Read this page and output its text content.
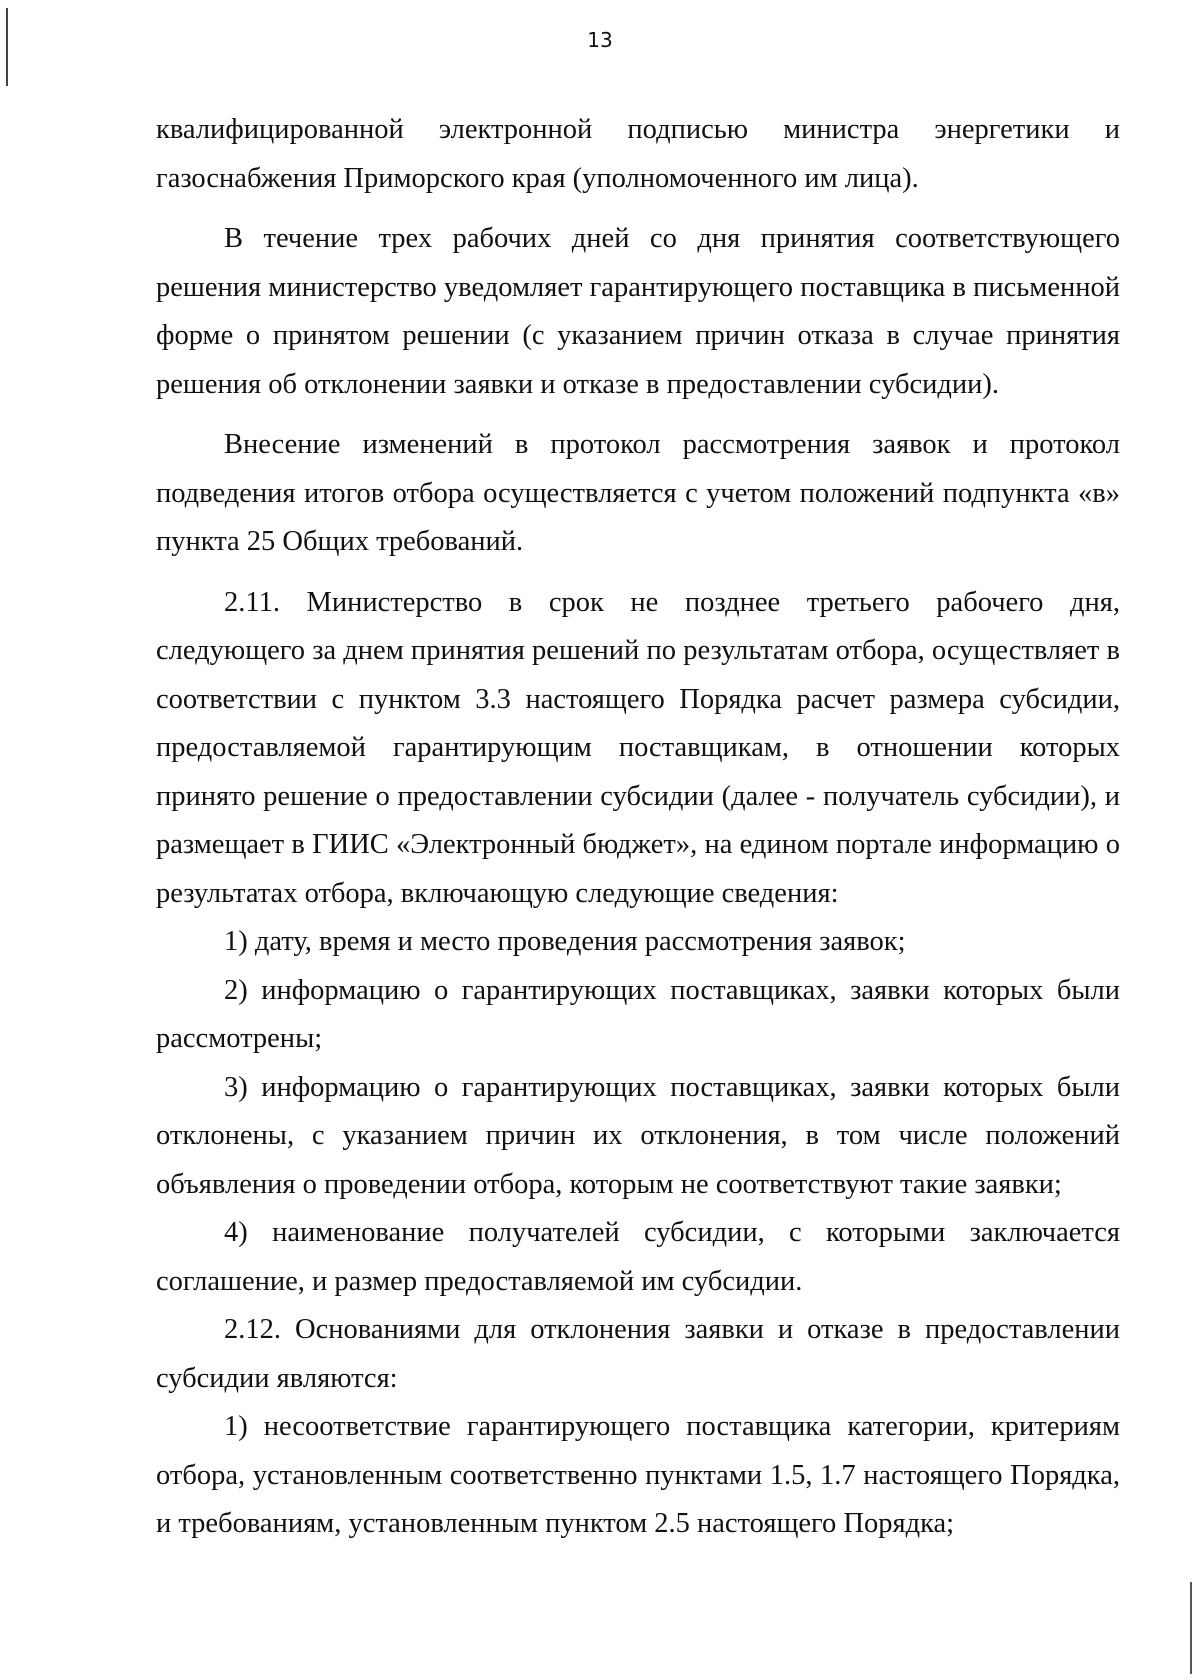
13
квалифицированной электронной подписью министра энергетики и

газоснабжения Приморского края (уполномоченного им лица).

В течение трех рабочих дней со дня принятия соответствующего решения министерство уведомляет гарантирующего поставщика в письменной форме о принятом решении (с указанием причин отказа в случае принятия решения об отклонении заявки и отказе в предоставлении субсидии).

Внесение изменений в протокол рассмотрения заявок и протокол подведения итогов отбора осуществляется с учетом положений подпункта «в» пункта 25 Общих требований.

2.11. Министерство в срок не позднее третьего рабочего дня, следующего за днем принятия решений по результатам отбора, осуществляет в соответствии с пунктом 3.3 настоящего Порядка расчет размера субсидии, предоставляемой гарантирующим поставщикам, в отношении которых принято решение о предоставлении субсидии (далее - получатель субсидии), и размещает в ГИИС «Электронный бюджет», на едином портале информацию о результатах отбора, включающую следующие сведения:

1) дату, время и место проведения рассмотрения заявок;

2) информацию о гарантирующих поставщиках, заявки которых были рассмотрены;

3) информацию о гарантирующих поставщиках, заявки которых были отклонены, с указанием причин их отклонения, в том числе положений объявления о проведении отбора, которым не соответствуют такие заявки;

4) наименование получателей субсидии, с которыми заключается соглашение, и размер предоставляемой им субсидии.

2.12. Основаниями для отклонения заявки и отказе в предоставлении субсидии являются:

1) несоответствие гарантирующего поставщика категории, критериям отбора, установленным соответственно пунктами 1.5, 1.7 настоящего Порядка, и требованиям, установленным пунктом 2.5 настоящего Порядка;
